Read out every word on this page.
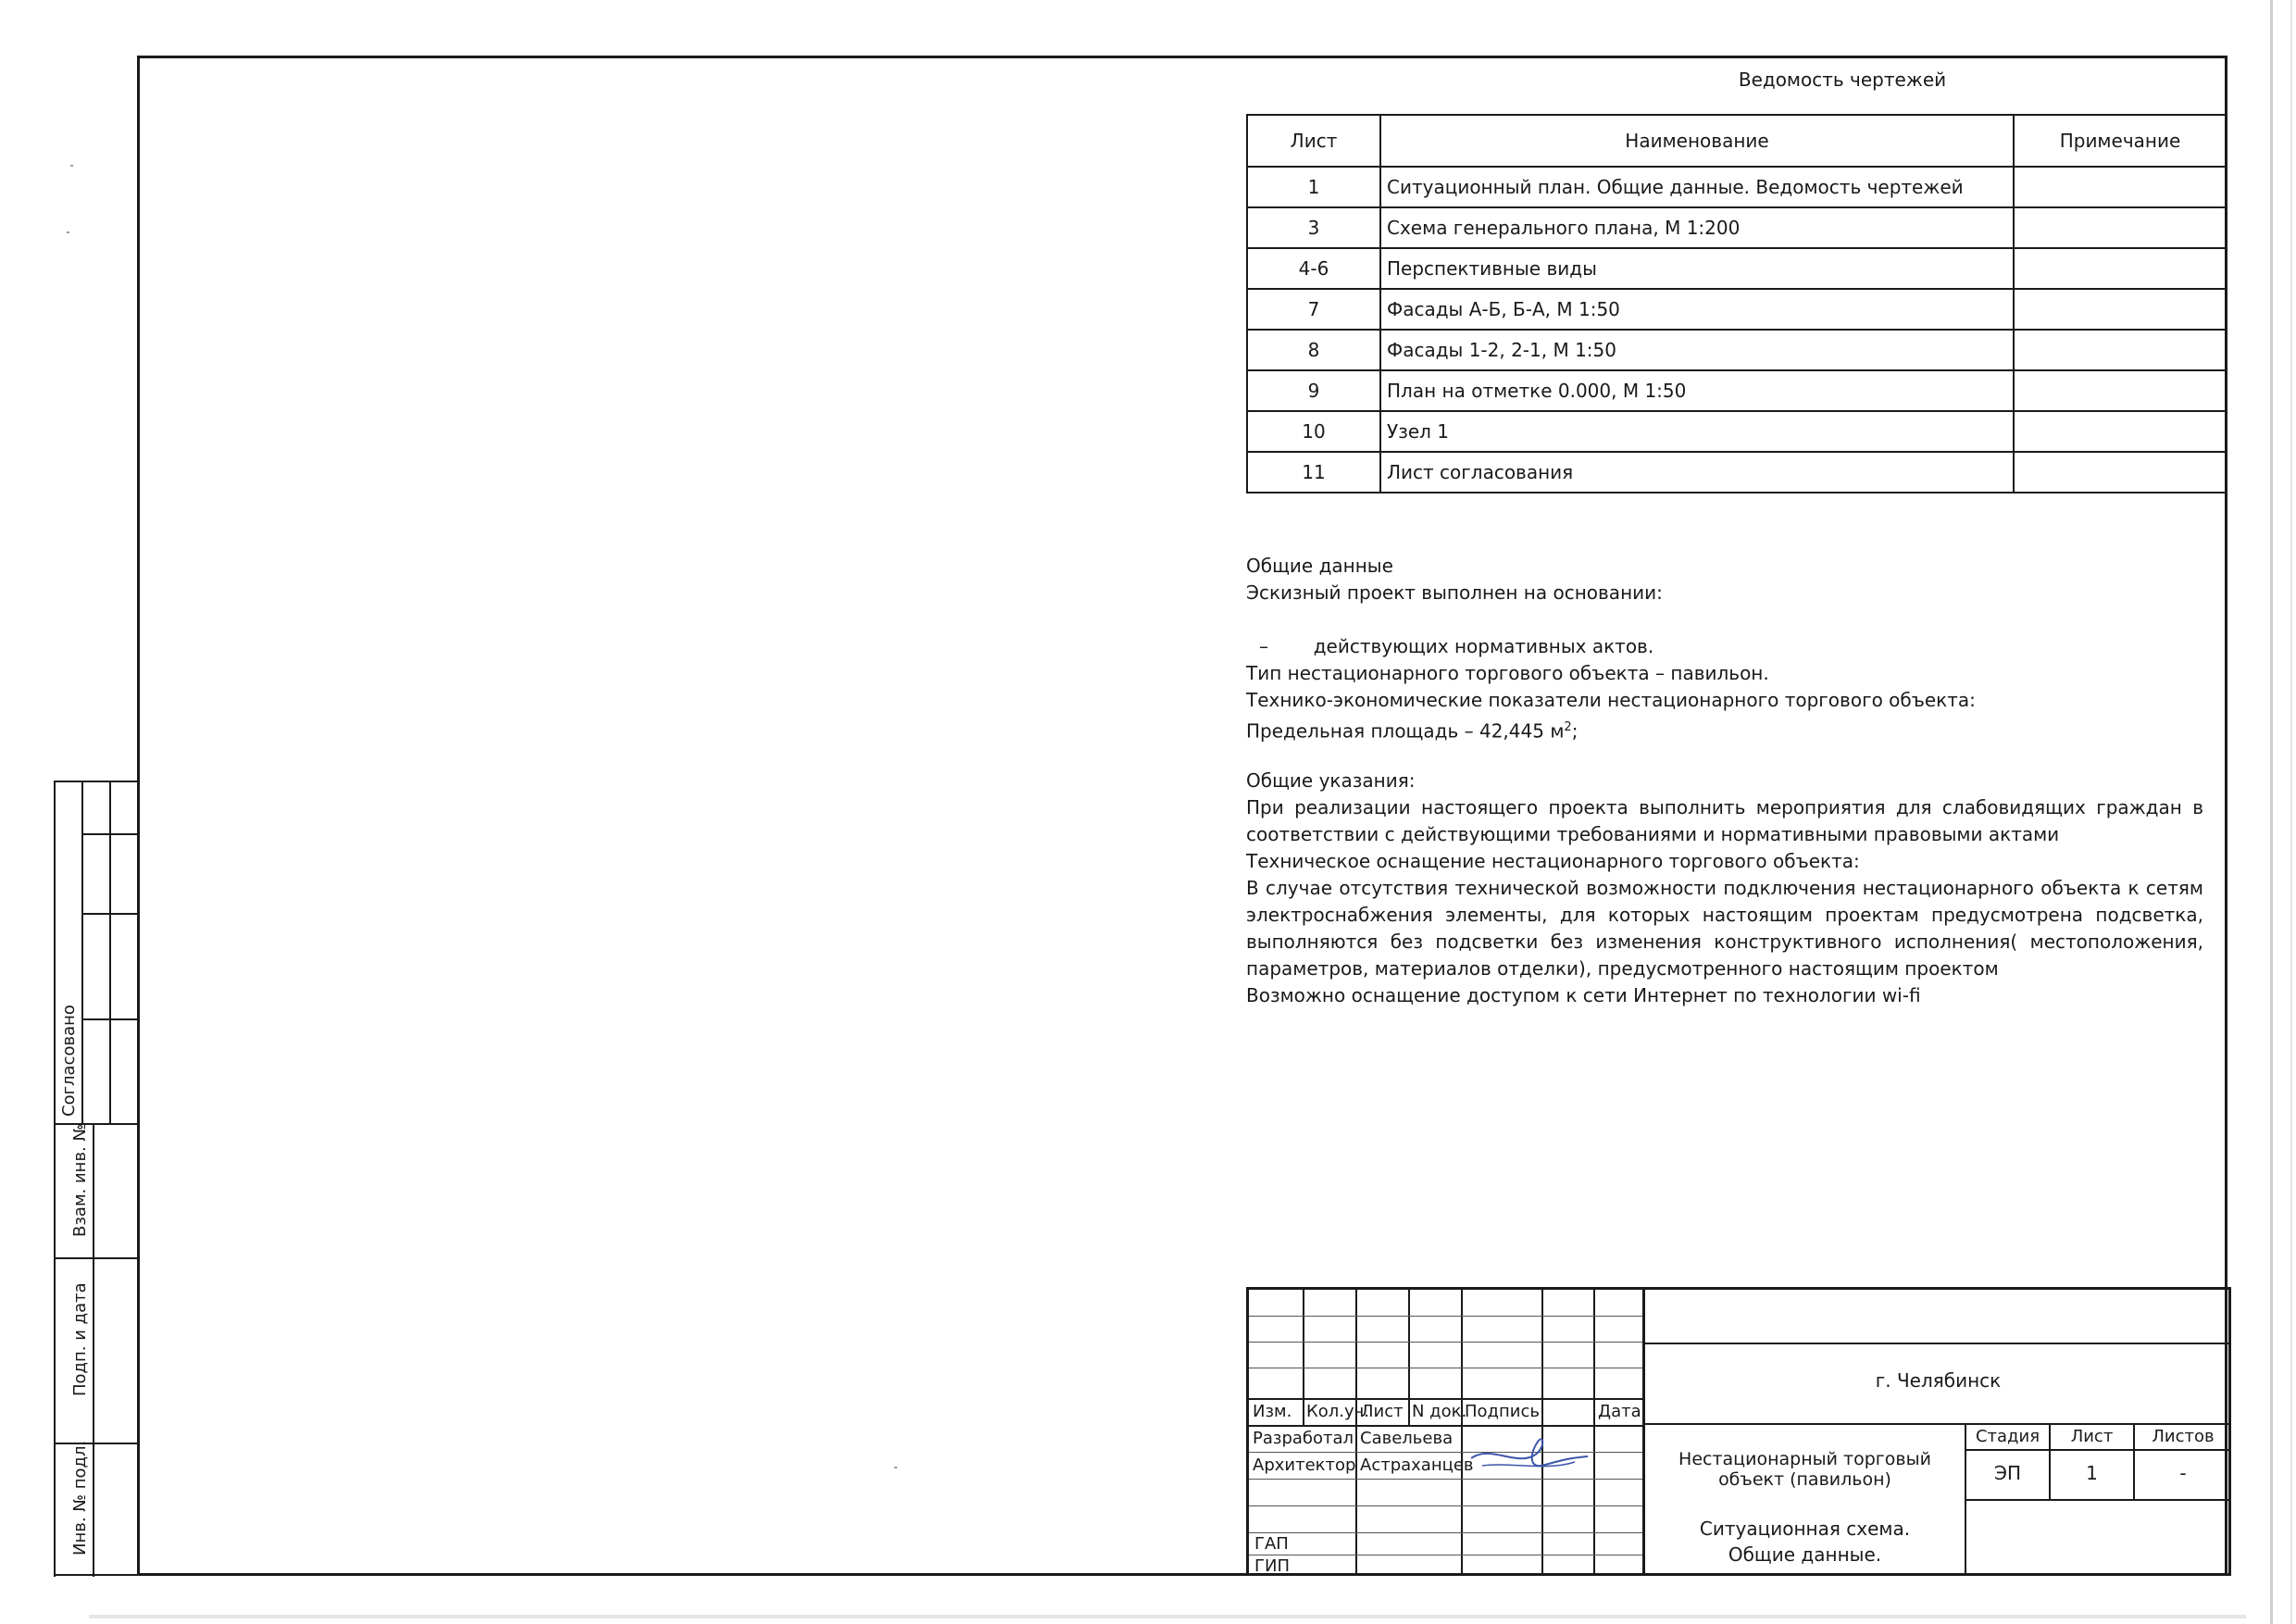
Ведомость чертежей
Лист	Наименование	Примечание
1	Ситуационный план. Общие данные. Ведомость чертежей	
3	Схема генерального плана, М 1:200	
4-6	Перспективные виды	
7	Фасады А-Б, Б-А, М 1:50	
8	Фасады 1-2, 2-1, М 1:50	
9	План на отметке 0.000, М 1:50	
10	Узел 1	
11	Лист согласования	
Общие данные
Эскизный проект выполнен на основании:
– действующих нормативных актов.
Тип нестационарного торгового объекта – павильон.
Технико-экономические показатели нестационарного торгового объекта:
Предельная площадь – 42,445 $м^2$;
Общие указания:
При реализации настоящего проекта выполнить мероприятия для слабовидящих граждан в соответствии с действующими требованиями и нормативными правовыми актами
Техническое оснащение нестационарного торгового объекта:
В случае отсутствия технической возможности подключения нестационарного объекта к сетям электроснабжения элементы, для которых настоящим проектам предусмотрена подсветка, выполняются без подсветки без изменения конструктивного исполнения( местоположения, параметров, материалов отделки), предусмотренного настоящим проектом
Возможно оснащение доступом к сети Интернет по технологии wi-fi
Согласовано
Взам. инв. №
Подп. и дата
Инв. № подл.
Изм. Кол.уч.
Лист N док.
Подпись	Дата
Разработал Савельева
Архитектор Астраханцев
ГАП
ГИП
г. Челябинск
Нестационарный торговый объект (павильон)
Стадия	Лист	Листов
ЭП	1	-
Ситуационная схема.
Общие данные.
